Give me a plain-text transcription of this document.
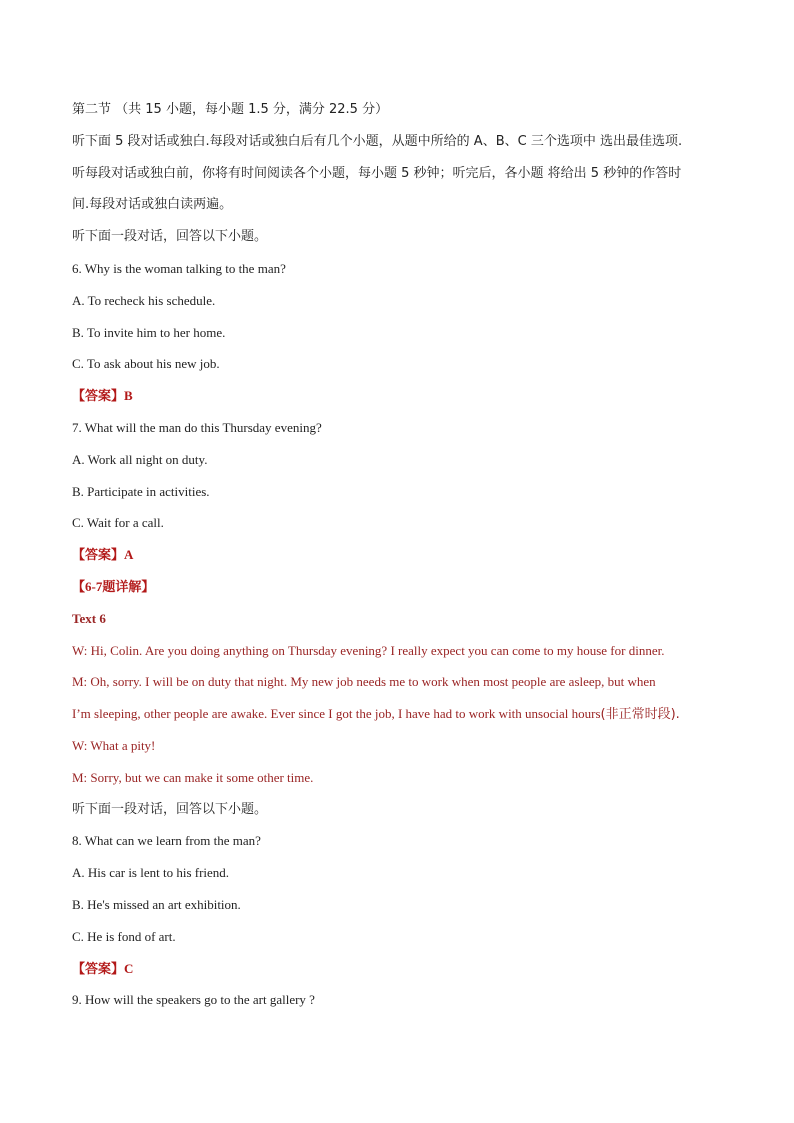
第二节 （共 15 小题，每小题 1.5 分，满分 22.5 分）
听下面 5 段对话或独白.每段对话或独白后有几个小题，从题中所给的 A、B、C 三个选项中 选出最佳选项.
听每段对话或独白前，你将有时间阅读各个小题，每小题 5 秒钟；听完后，各小题 将给出 5 秒钟的作答时
间.每段对话或独白读两遍。
听下面一段对话，回答以下小题。
6. Why is the woman talking to the man?
A. To recheck his schedule.
B. To invite him to her home.
C. To ask about his new job.
【答案】B
7. What will the man do this Thursday evening?
A. Work all night on duty.
B. Participate in activities.
C. Wait for a call.
【答案】A
【6-7题详解】
Text 6
W: Hi, Colin. Are you doing anything on Thursday evening? I really expect you can come to my house for dinner.
M: Oh, sorry. I will be on duty that night. My new job needs me to work when most people are asleep, but when
I’m sleeping, other people are awake. Ever since I got the job, I have had to work with unsocial hours(非正常时段).
W: What a pity!
M: Sorry, but we can make it some other time.
听下面一段对话，回答以下小题。
8. What can we learn from the man?
A. His car is lent to his friend.
B. He's missed an art exhibition.
C. He is fond of art.
【答案】C
9. How will the speakers go to the art gallery ?
